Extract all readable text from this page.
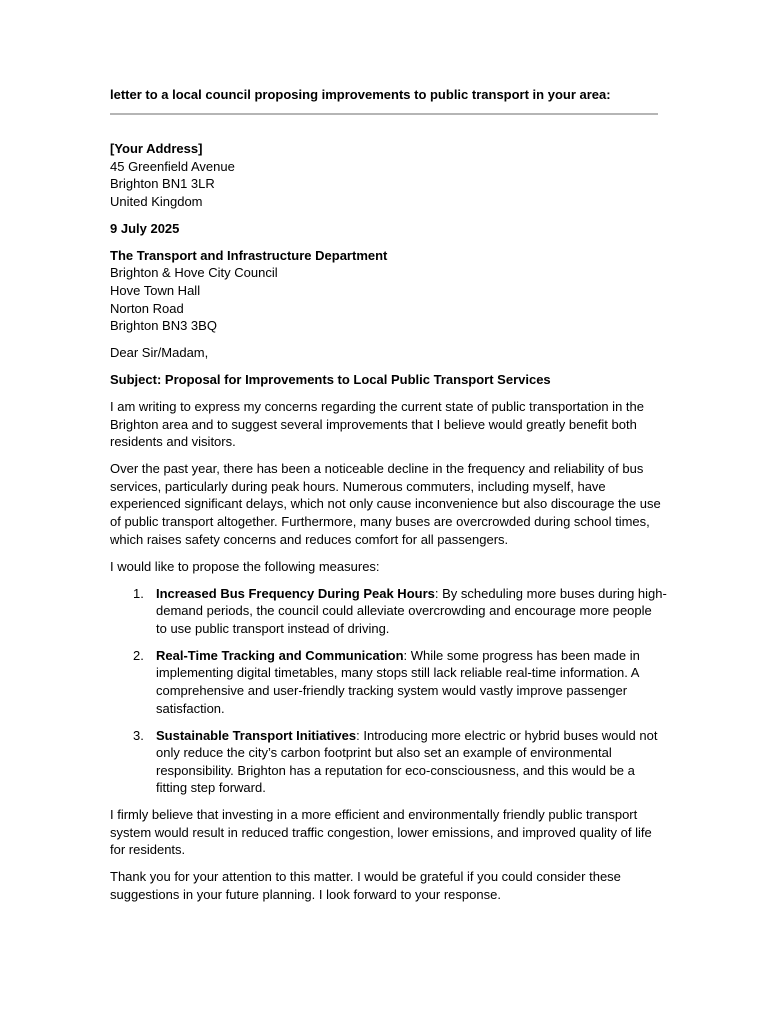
letter to a local council proposing improvements to public transport in your area:
[Your Address]
45 Greenfield Avenue
Brighton BN1 3LR
United Kingdom
9 July 2025
The Transport and Infrastructure Department
Brighton & Hove City Council
Hove Town Hall
Norton Road
Brighton BN3 3BQ
Dear Sir/Madam,
Subject: Proposal for Improvements to Local Public Transport Services

I am writing to express my concerns regarding the current state of public transportation in the
Brighton area and to suggest several improvements that I believe would greatly benefit both
residents and visitors.

Over the past year, there has been a noticeable decline in the frequency and reliability of bus
services, particularly during peak hours. Numerous commuters, including myself, have
experienced significant delays, which not only cause inconvenience but also discourage the use
of public transport altogether. Furthermore, many buses are overcrowded during school times,
which raises safety concerns and reduces comfort for all passengers.

I would like to propose the following measures:

1. Increased Bus Frequency During Peak Hours: By scheduling more buses during high-
demand periods, the council could alleviate overcrowding and encourage more people
to use public transport instead of driving.
2. Real-Time Tracking and Communication: While some progress has been made in
implementing digital timetables, many stops still lack reliable real-time information. A
comprehensive and user-friendly tracking system would vastly improve passenger
satisfaction.
3. Sustainable Transport Initiatives: Introducing more electric or hybrid buses would not
only reduce the city’s carbon footprint but also set an example of environmental
responsibility. Brighton has a reputation for eco-consciousness, and this would be a
fitting step forward.

I firmly believe that investing in a more efficient and environmentally friendly public transport
system would result in reduced traffic congestion, lower emissions, and improved quality of life
for residents.

Thank you for your attention to this matter. I would be grateful if you could consider these
suggestions in your future planning. I look forward to your response.
